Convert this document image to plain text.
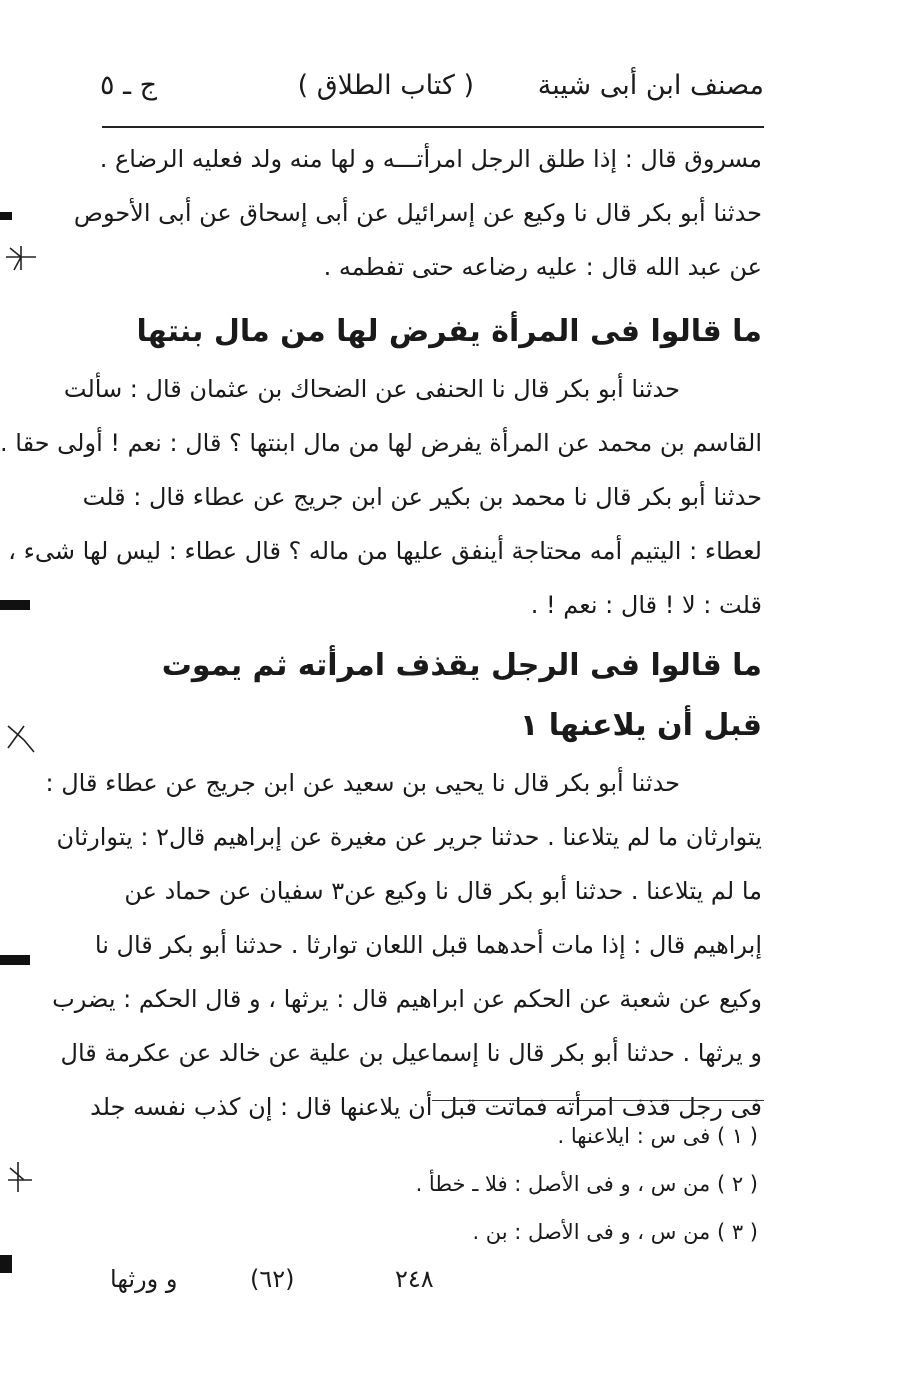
مصنف ابن أبى شيبة
( كتاب الطلاق )
ج ـ ٥
مسروق قال : إذا طلق الرجل امرأتـــه و لها منه ولد فعليه الرضاع .
حدثنا أبو بكر قال نا وكيع عن إسرائيل عن أبى إسحاق عن أبى الأحوص
عن عبد الله قال : عليه رضاعه حتى تفطمه .
ما قالوا فى المرأة يفرض لها من مال بنتها
حدثنا أبو بكر قال نا الحنفى عن الضحاك بن عثمان قال : سألت
القاسم بن محمد عن المرأة يفرض لها من مال ابنتها ؟ قال : نعم ! أولى حقا .
حدثنا أبو بكر قال نا محمد بن بكير عن ابن جريج عن عطاء قال : قلت
لعطاء : اليتيم أمه محتاجة أينفق عليها من ماله ؟ قال عطاء : ليس لها شىء ،
قلت : لا ! قال : نعم ! .
ما قالوا فى الرجل يقذف امرأته ثم يموت
قبل أن يلاعنها ١
حدثنا أبو بكر قال نا يحيى بن سعيد عن ابن جريج عن عطاء قال :
يتوارثان ما لم يتلاعنا . حدثنا جرير عن مغيرة عن إبراهيم قال٢ : يتوارثان
ما لم يتلاعنا . حدثنا أبو بكر قال نا وكيع عن٣ سفيان عن حماد عن
إبراهيم قال : إذا مات أحدهما قبل اللعان توارثا . حدثنا أبو بكر قال نا
وكيع عن شعبة عن الحكم عن ابراهيم قال : يرثها ، و قال الحكم : يضرب
و يرثها . حدثنا أبو بكر قال نا إسماعيل بن علية عن خالد عن عكرمة قال
فى رجل قذف امرأته فماتت قبل أن يلاعنها قال : إن كذب نفسه جلد
( ١ ) فى س : ايلاعنها .
( ٢ ) من س ، و فى الأصل : فلا ـ خطأ .
( ٣ ) من س ، و فى الأصل : بن .
و ورثها	(٦٢)	٢٤٨
